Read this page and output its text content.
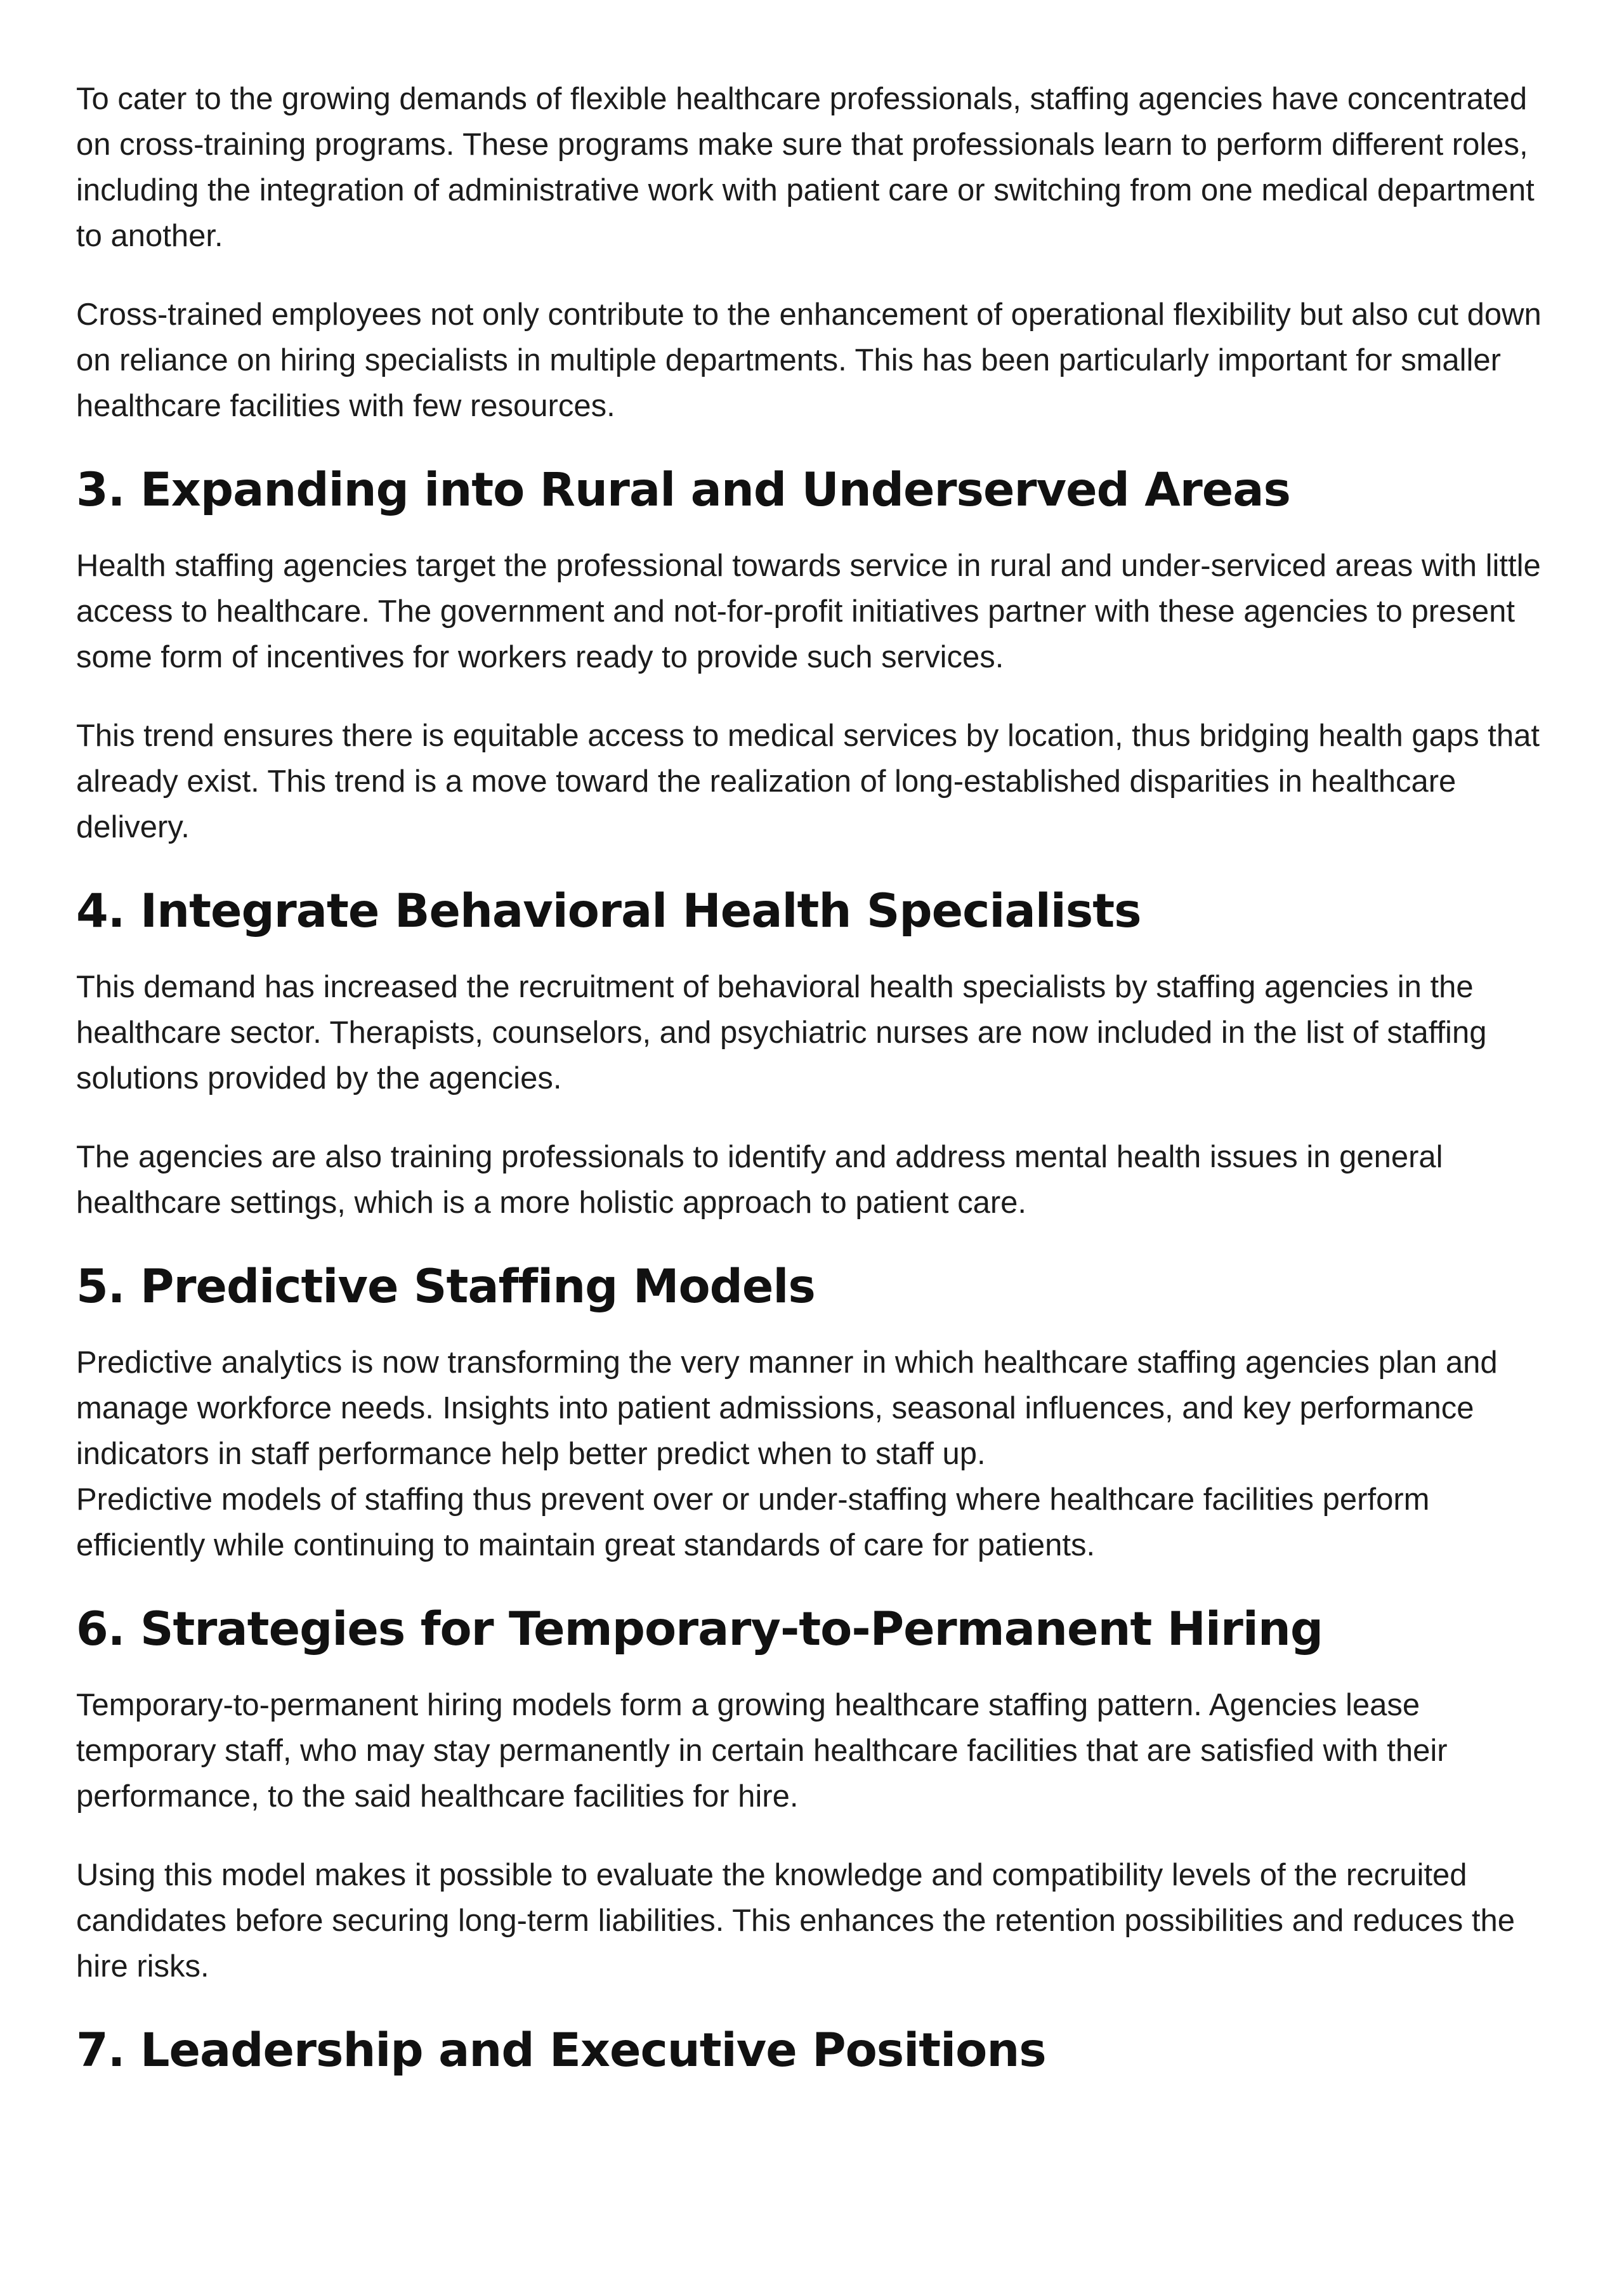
To cater to the growing demands of flexible healthcare professionals, staffing agencies have concentrated on cross-training programs. These programs make sure that professionals learn to perform different roles, including the integration of administrative work with patient care or switching from one medical department to another.

Cross-trained employees not only contribute to the enhancement of operational flexibility but also cut down on reliance on hiring specialists in multiple departments. This has been particularly important for smaller healthcare facilities with few resources.

3. Expanding into Rural and Underserved Areas

Health staffing agencies target the professional towards service in rural and under-serviced areas with little access to healthcare. The government and not-for-profit initiatives partner with these agencies to present some form of incentives for workers ready to provide such services.

This trend ensures there is equitable access to medical services by location, thus bridging health gaps that already exist. This trend is a move toward the realization of long-established disparities in healthcare delivery.

4. Integrate Behavioral Health Specialists

This demand has increased the recruitment of behavioral health specialists by staffing agencies in the healthcare sector. Therapists, counselors, and psychiatric nurses are now included in the list of staffing solutions provided by the agencies.

The agencies are also training professionals to identify and address mental health issues in general healthcare settings, which is a more holistic approach to patient care.

5. Predictive Staffing Models

Predictive analytics is now transforming the very manner in which healthcare staffing agencies plan and manage workforce needs. Insights into patient admissions, seasonal influences, and key performance indicators in staff performance help better predict when to staff up.

Predictive models of staffing thus prevent over or under-staffing where healthcare facilities perform efficiently while continuing to maintain great standards of care for patients.

6. Strategies for Temporary-to-Permanent Hiring

Temporary-to-permanent hiring models form a growing healthcare staffing pattern. Agencies lease temporary staff, who may stay permanently in certain healthcare facilities that are satisfied with their performance, to the said healthcare facilities for hire.

Using this model makes it possible to evaluate the knowledge and compatibility levels of the recruited candidates before securing long-term liabilities. This enhances the retention possibilities and reduces the hire risks.

7. Leadership and Executive Positions
